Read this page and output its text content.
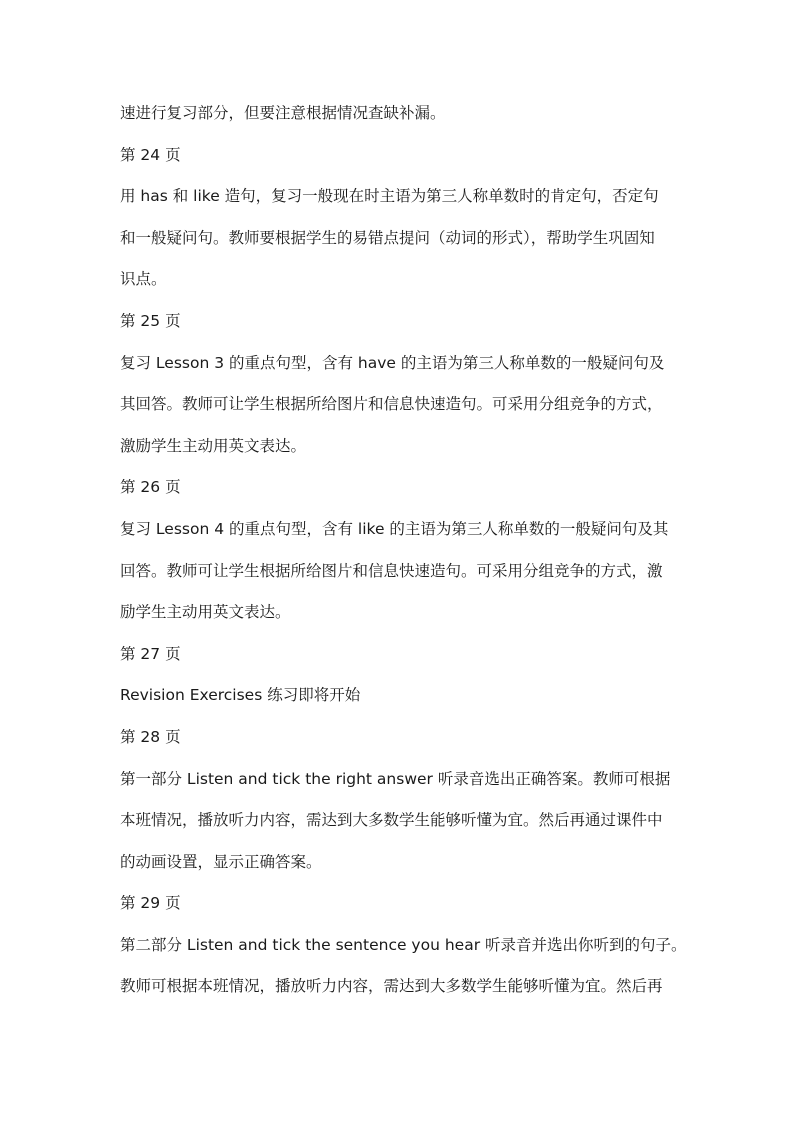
速进行复习部分，但要注意根据情况查缺补漏。
第 24 页
用 has 和 like 造句，复习一般现在时主语为第三人称单数时的肯定句，否定句
和一般疑问句。教师要根据学生的易错点提问（动词的形式），帮助学生巩固知
识点。
第 25 页
复习 Lesson 3 的重点句型，含有 have 的主语为第三人称单数的一般疑问句及
其回答。教师可让学生根据所给图片和信息快速造句。可采用分组竞争的方式，
激励学生主动用英文表达。
第 26 页
复习 Lesson 4 的重点句型，含有 like 的主语为第三人称单数的一般疑问句及其
回答。教师可让学生根据所给图片和信息快速造句。可采用分组竞争的方式，激
励学生主动用英文表达。
第 27 页
Revision Exercises 练习即将开始
第 28 页
第一部分 Listen and tick the right answer 听录音选出正确答案。教师可根据
本班情况，播放听力内容，需达到大多数学生能够听懂为宜。然后再通过课件中
的动画设置，显示正确答案。
第 29 页
第二部分 Listen and tick the sentence you hear 听录音并选出你听到的句子。
教师可根据本班情况，播放听力内容，需达到大多数学生能够听懂为宜。然后再
